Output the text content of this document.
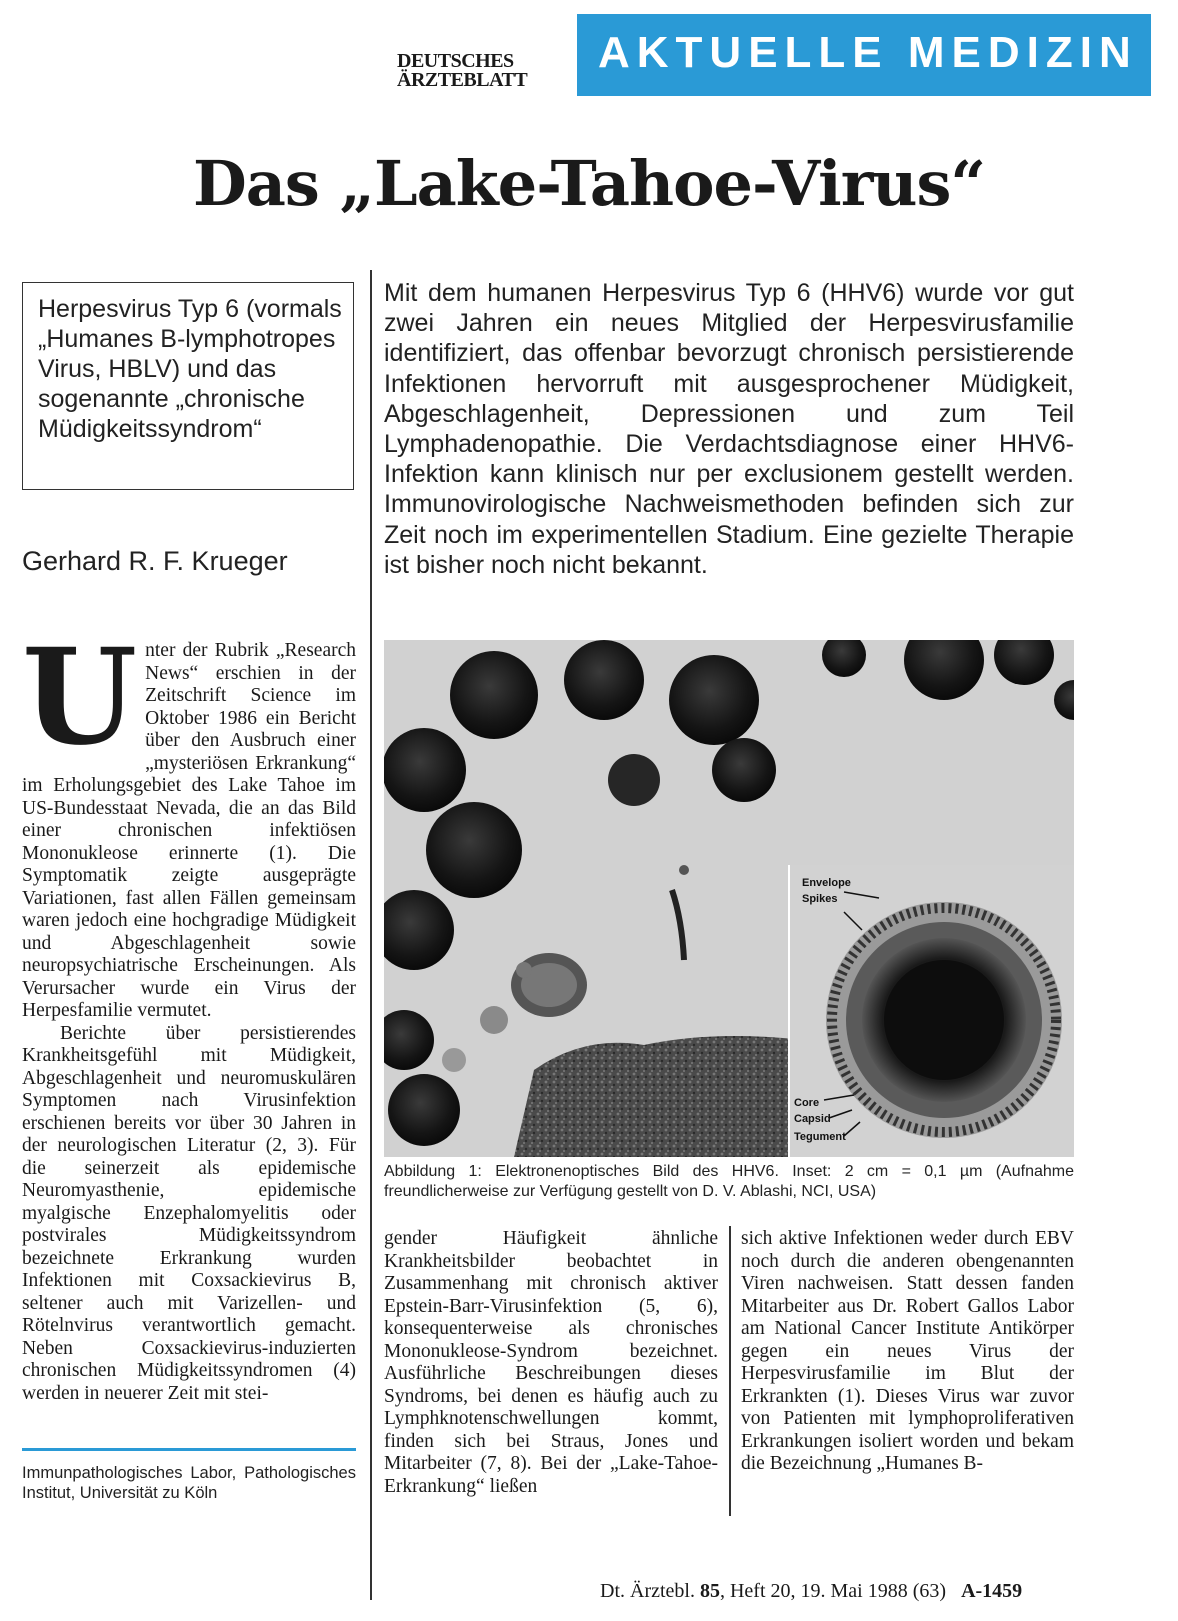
DEUTSCHES
ÄRZTEBLATT
AKTUELLE MEDIZIN
Das „Lake-Tahoe-Virus“
Herpesvirus Typ 6 (vormals „Humanes B-lymphotropes Virus, HBLV) und das sogenannte „chronische Müdigkeitssyndrom“
Gerhard R. F. Krueger
Mit dem humanen Herpesvirus Typ 6 (HHV6) wurde vor gut zwei Jahren ein neues Mitglied der Herpesvirusfamilie identifiziert, das offenbar bevorzugt chronisch persistierende Infektionen hervorruft mit ausgesprochener Müdigkeit, Abgeschlagenheit, Depressionen und zum Teil Lymphadenopathie. Die Verdachtsdiagnose einer HHV6-Infektion kann klinisch nur per exclusionem gestellt werden. Immunovirologische Nachweismethoden befinden sich zur Zeit noch im experimentellen Stadium. Eine gezielte Therapie ist bisher noch nicht bekannt.

U nter der Rubrik „Research News“ erschien in der Zeitschrift Science im Oktober 1986 ein Bericht über den Ausbruch einer „mysteriösen Erkrankung“ im Erholungsgebiet des Lake Tahoe im US-Bundesstaat Nevada, die an das Bild einer chronischen infektiösen Mononukleose erinnerte (1). Die Symptomatik zeigte ausgeprägte Variationen, fast allen Fällen gemeinsam waren jedoch eine hochgradige Müdigkeit und Abgeschlagenheit sowie neuropsychiatrische Erscheinungen. Als Verursacher wurde ein Virus der Herpesfamilie vermutet.

Berichte über persistierendes Krankheitsgefühl mit Müdigkeit, Abgeschlagenheit und neuromuskulären Symptomen nach Virusinfektion erschienen bereits vor über 30 Jahren in der neurologischen Literatur (2, 3). Für die seinerzeit als epidemische Neuromyasthenie, epidemische myalgische Enzephalomyelitis oder postvirales Müdigkeitssyndrom bezeichnete Erkrankung wurden Infektionen mit Coxsackievirus B, seltener auch mit Varizellen- und Rötelnvirus verantwortlich gemacht. Neben Coxsackievirus-induzierten chronischen Müdigkeitssyndromen (4) werden in neuerer Zeit mit stei-

Immunpathologisches Labor, Pathologisches Institut, Universität zu Köln
Envelope
Spikes
Core
Capsid
Tegument
Abbildung 1: Elektronenoptisches Bild des HHV6. Inset: 2 cm = 0,1 µm (Aufnahme freundlicherweise zur Verfügung gestellt von D. V. Ablashi, NCI, USA)

gender Häufigkeit ähnliche Krankheitsbilder beobachtet in Zusammenhang mit chronisch aktiver Epstein-Barr-Virusinfektion (5, 6), konsequenterweise als chronisches Mononukleose-Syndrom bezeichnet. Ausführliche Beschreibungen dieses Syndroms, bei denen es häufig auch zu Lymphknotenschwellungen kommt, finden sich bei Straus, Jones und Mitarbeiter (7, 8). Bei der „Lake-Tahoe-Erkrankung“ ließen

sich aktive Infektionen weder durch EBV noch durch die anderen obengenannten Viren nachweisen. Statt dessen fanden Mitarbeiter aus Dr. Robert Gallos Labor am National Cancer Institute Antikörper gegen ein neues Virus der Herpesvirusfamilie im Blut der Erkrankten (1). Dieses Virus war zuvor von Patienten mit lymphoproliferativen Erkrankungen isoliert worden und bekam die Bezeichnung „Humanes B-

Dt. Ärztebl. 85, Heft 20, 19. Mai 1988 (63) A-1459
